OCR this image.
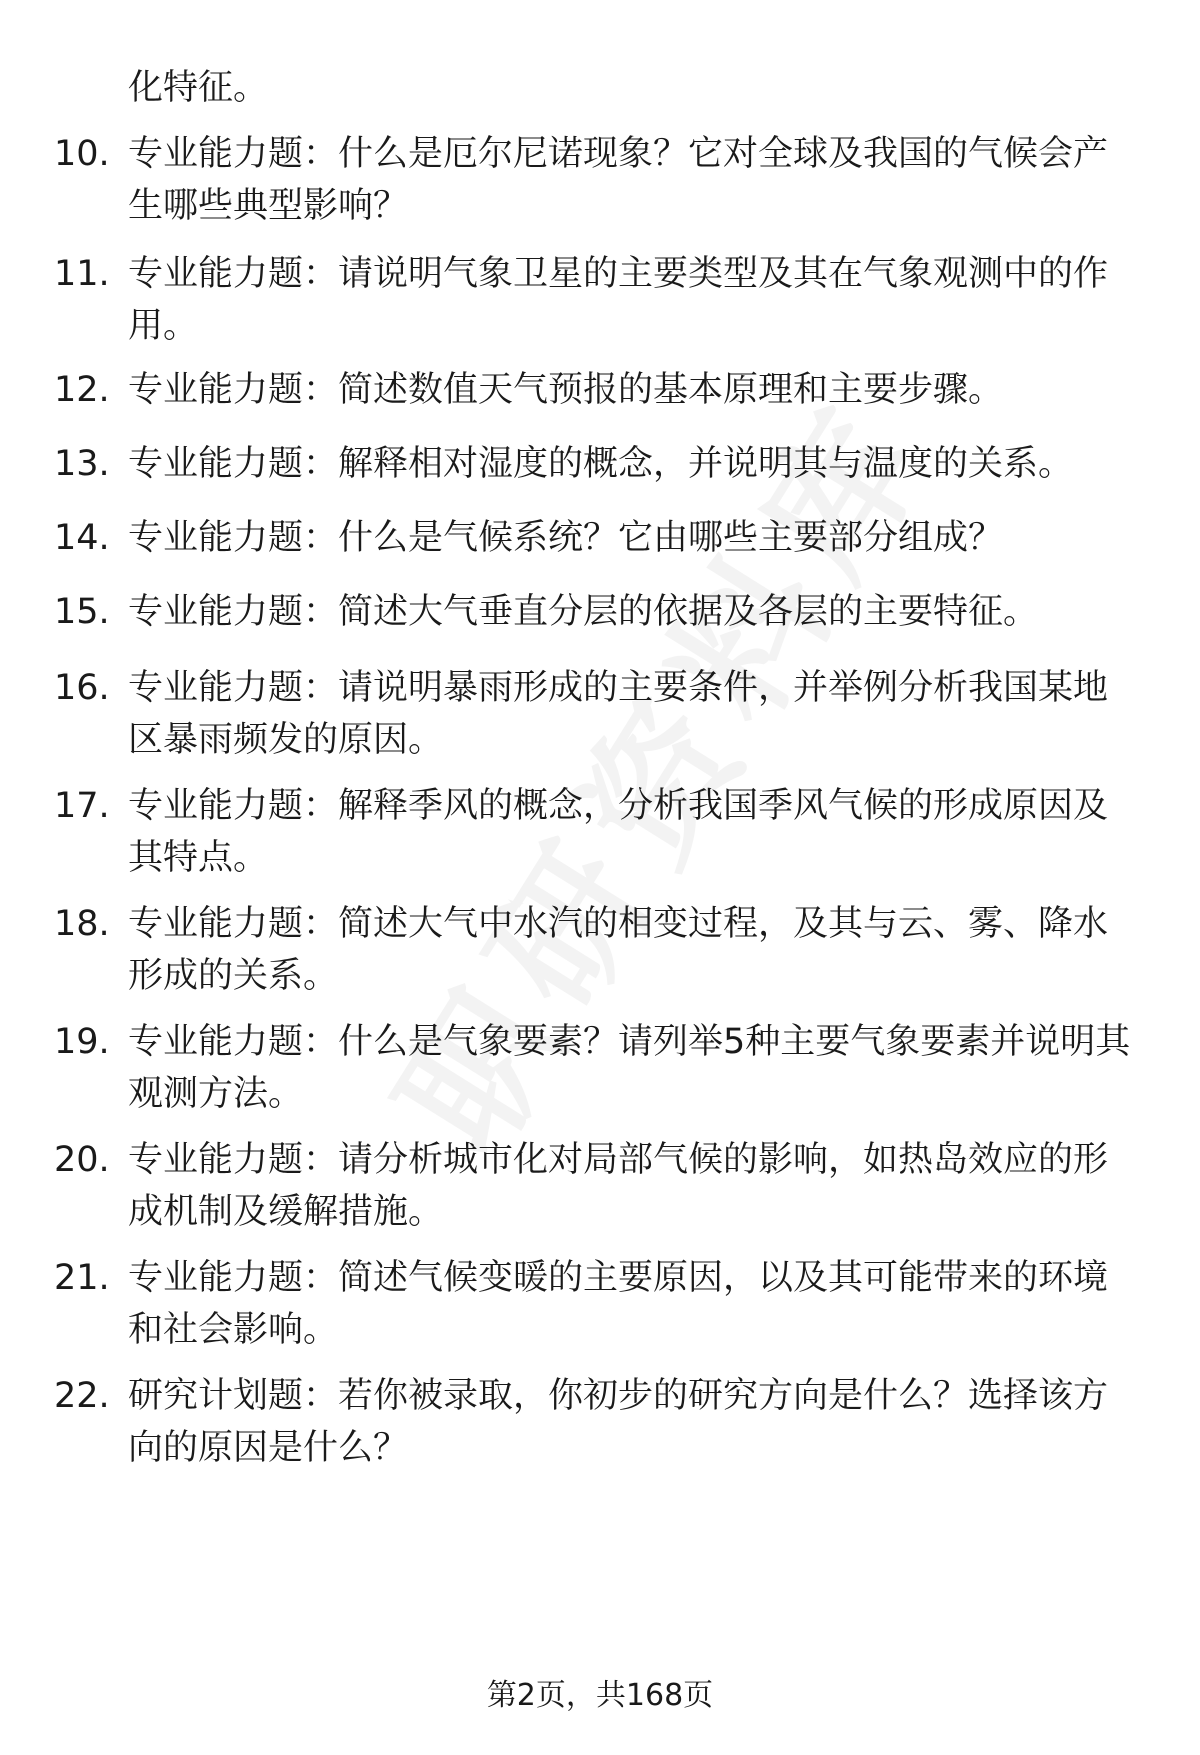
化特征。

10. 专业能力题：什么是厄尔尼诺现象？它对全球及我国的气候会产生哪些典型影响？

11. 专业能力题：请说明气象卫星的主要类型及其在气象观测中的作用。

12. 专业能力题：简述数值天气预报的基本原理和主要步骤。

13. 专业能力题：解释相对湿度的概念，并说明其与温度的关系。

14. 专业能力题：什么是气候系统？它由哪些主要部分组成？

15. 专业能力题：简述大气垂直分层的依据及各层的主要特征。

16. 专业能力题：请说明暴雨形成的主要条件，并举例分析我国某地区暴雨频发的原因。

17. 专业能力题：解释季风的概念，分析我国季风气候的形成原因及其特点。

18. 专业能力题：简述大气中水汽的相变过程，及其与云、雾、降水形成的关系。

19. 专业能力题：什么是气象要素？请列举5种主要气象要素并说明其观测方法。

20. 专业能力题：请分析城市化对局部气候的影响，如热岛效应的形成机制及缓解措施。

21. 专业能力题：简述气候变暖的主要原因，以及其可能带来的环境和社会影响。

22. 研究计划题：若你被录取，你初步的研究方向是什么？选择该方向的原因是什么？

第2页，共168页
